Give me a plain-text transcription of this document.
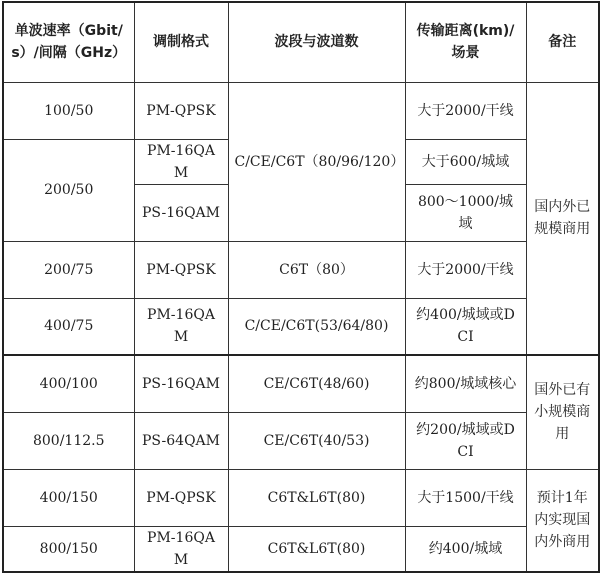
单波速率（Gbit/s）/间隔（GHz）	调制格式	波段与波道数	传输距离(km)/场景	备注
100/50	PM-QPSK	C/CE/C6T（80/96/120）	大于2000/干线	国内外已规模商用
200/50	PM-16QAM		大于600/城域	
	PS-16QAM		800～1000/城域	
200/75	PM-QPSK	C6T（80）	大于2000/干线	
400/75	PM-16QAM	C/CE/C6T(53/64/80)	约400/城域或DCI	
400/100	PS-16QAM	CE/C6T(48/60)	约800/城域核心	国外已有小规模商用
800/112.5	PS-64QAM	CE/C6T(40/53)	约200/城域或DCI	
400/150	PM-QPSK	C6T&L6T(80)	大于1500/干线	预计1年内实现国内外商用
800/150	PM-16QAM	C6T&L6T(80)	约400/城域	
